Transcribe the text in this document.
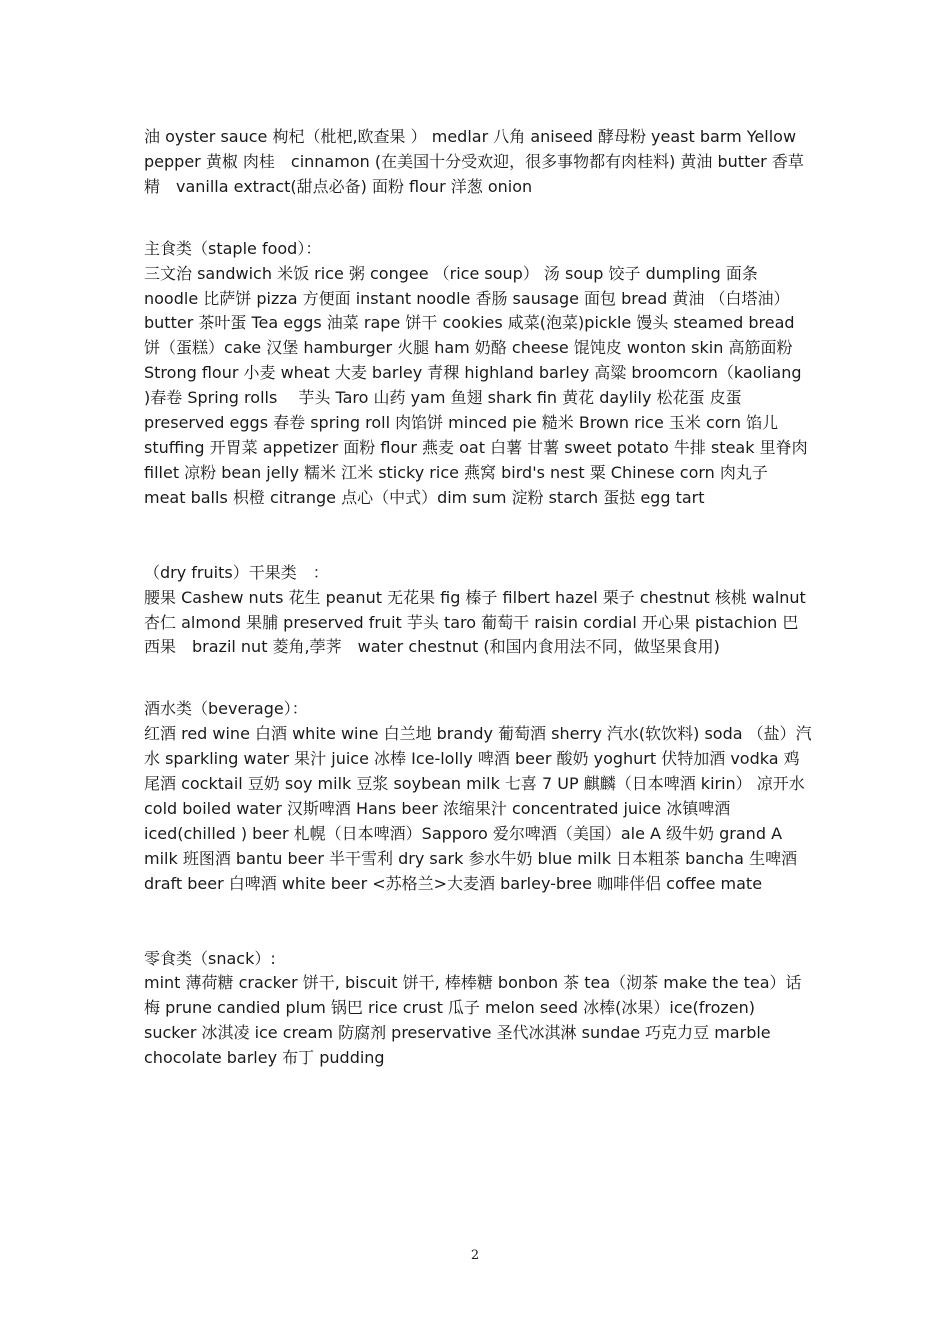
油 oyster sauce 枸杞（枇杷,欧查果 ） medlar 八角 aniseed 酵母粉 yeast barm Yellow pepper 黄椒 肉桂　cinnamon (在美国十分受欢迎，很多事物都有肉桂料) 黄油 butter 香草精　vanilla extract(甜点必备) 面粉 flour 洋葱 onion

主食类（staple food）：

三文治 sandwich 米饭 rice 粥 congee （rice soup） 汤 soup 饺子 dumpling 面条 noodle 比萨饼 pizza 方便面 instant noodle 香肠 sausage 面包 bread 黄油 （白塔油）butter 茶叶蛋 Tea eggs 油菜 rape 饼干 cookies 咸菜(泡菜)pickle 馒头 steamed bread 饼（蛋糕）cake 汉堡 hamburger 火腿 ham 奶酪 cheese 馄饨皮 wonton skin 高筋面粉 Strong flour 小麦 wheat 大麦 barley 青稞 highland barley 高粱 broomcorn（kaoliang )春卷 Spring rolls　 芋头 Taro 山药 yam 鱼翅 shark fin 黄花 daylily 松花蛋 皮蛋 preserved eggs 春卷 spring roll 肉馅饼 minced pie 糙米 Brown rice 玉米 corn 馅儿 stuffing 开胃菜 appetizer 面粉 flour 燕麦 oat 白薯 甘薯 sweet potato 牛排 steak 里脊肉 fillet 凉粉 bean jelly 糯米 江米 sticky rice 燕窝 bird's nest 粟 Chinese corn 肉丸子 meat balls 枳橙 citrange 点心（中式）dim sum 淀粉 starch 蛋挞 egg tart

（dry fruits）干果类　：

腰果 Cashew nuts 花生 peanut 无花果 fig 榛子 filbert hazel 栗子 chestnut 核桃 walnut 杏仁 almond 果脯 preserved fruit 芋头 taro 葡萄干 raisin cordial 开心果 pistachion 巴西果　brazil nut 菱角,荸荠　water chestnut (和国内食用法不同，做坚果食用)

酒水类（beverage）：

红酒 red wine 白酒 white wine 白兰地 brandy 葡萄酒 sherry 汽水(软饮料) soda （盐）汽水 sparkling water 果汁 juice 冰棒 Ice-lolly 啤酒 beer 酸奶 yoghurt 伏特加酒 vodka 鸡尾酒 cocktail 豆奶 soy milk 豆浆 soybean milk 七喜 7 UP 麒麟（日本啤酒 kirin） 凉开水 cold boiled water 汉斯啤酒 Hans beer 浓缩果汁 concentrated juice 冰镇啤酒 iced(chilled ) beer 札幌（日本啤酒）Sapporo 爱尔啤酒（美国）ale A 级牛奶 grand A milk 班图酒 bantu beer 半干雪利 dry sark 参水牛奶 blue milk 日本粗茶 bancha 生啤酒 draft beer 白啤酒 white beer <苏格兰>大麦酒 barley-bree 咖啡伴侣 coffee mate

零食类（snack）:

mint 薄荷糖 cracker 饼干, biscuit 饼干, 棒棒糖 bonbon 茶 tea（沏茶 make the tea）话梅 prune candied plum 锅巴 rice crust 瓜子 melon seed 冰棒(冰果）ice(frozen) sucker 冰淇凌 ice cream 防腐剂 preservative 圣代冰淇淋 sundae 巧克力豆 marble chocolate barley 布丁 pudding

2
